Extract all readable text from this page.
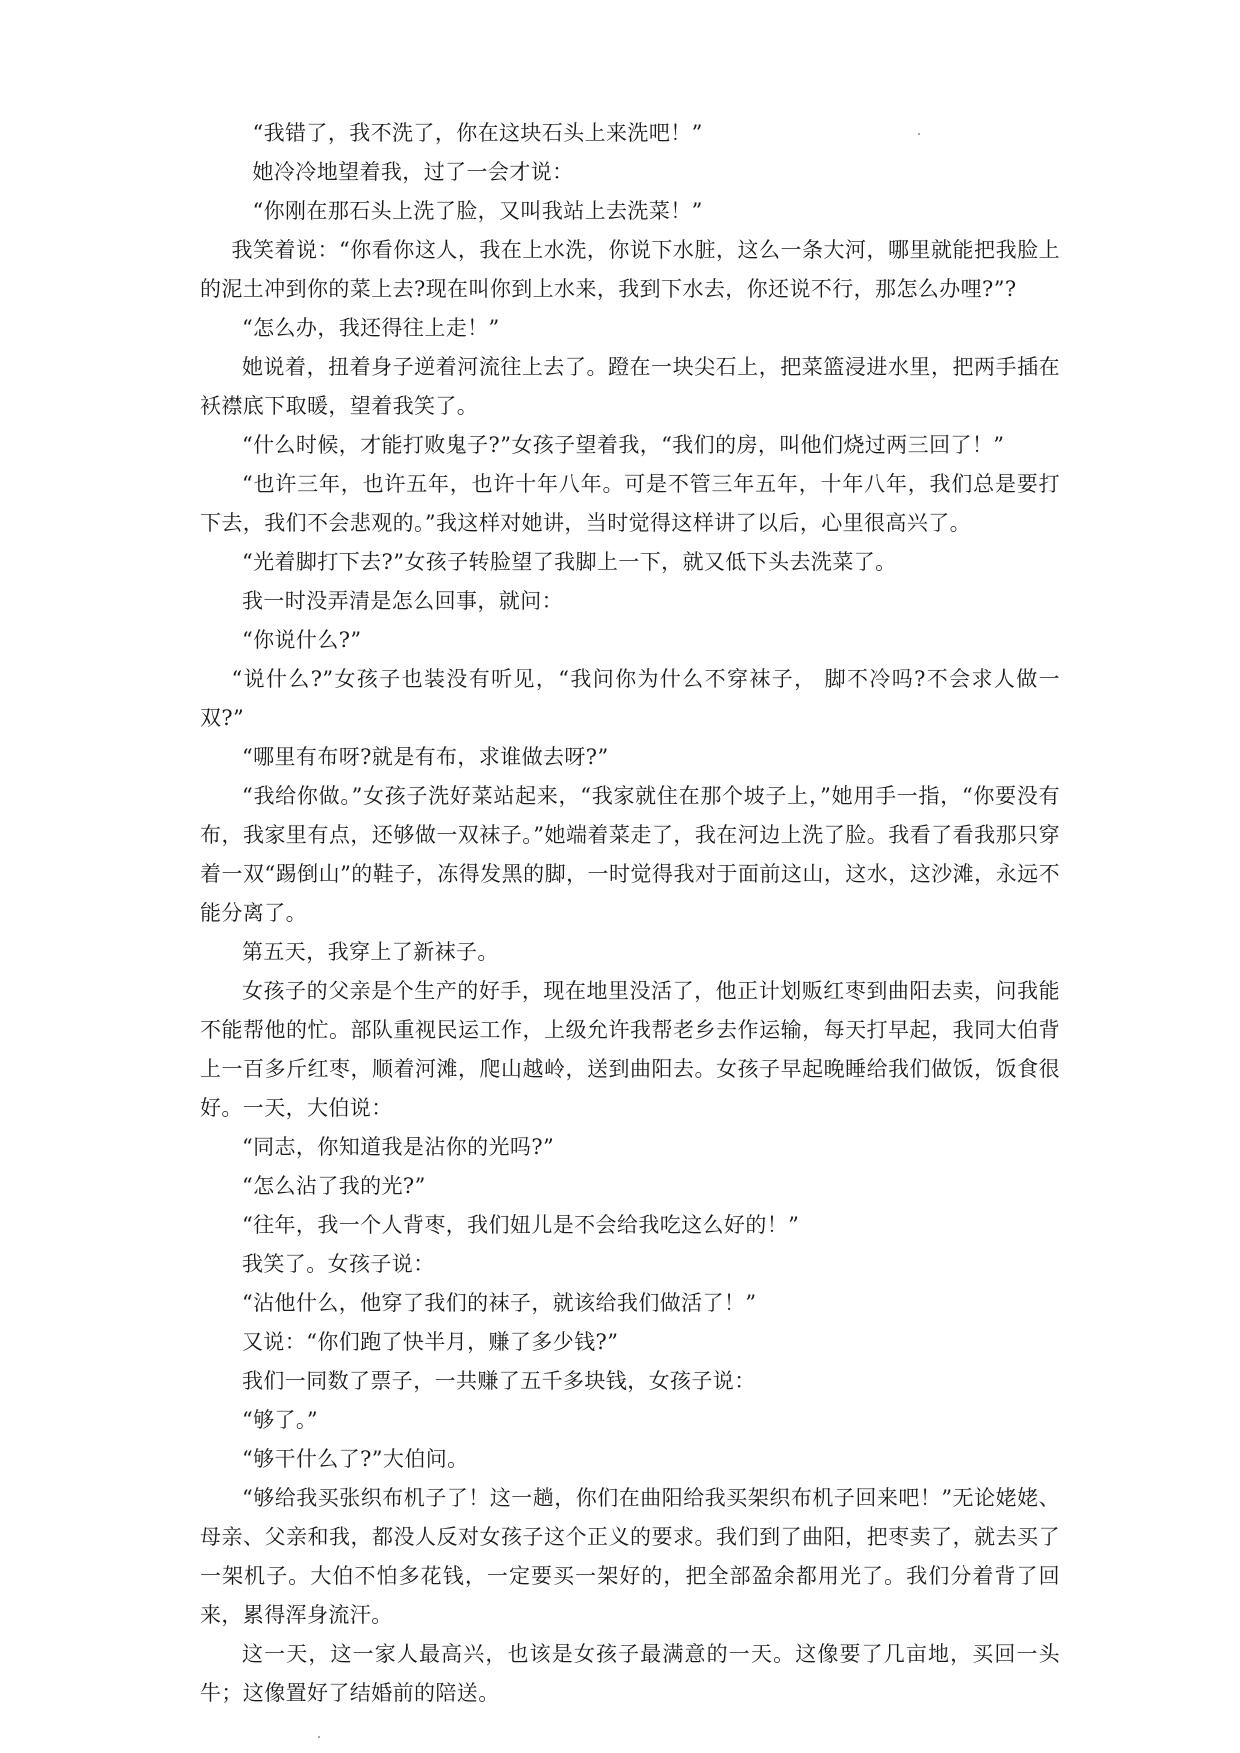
“我错了，我不洗了，你在这块石头上来洗吧！”

她冷冷地望着我，过了一会才说：

“你刚在那石头上洗了脸，又叫我站上去洗菜！”

我笑着说：“你看你这人，我在上水洗，你说下水脏，这么一条大河，哪里就能把我脸上的泥土冲到你的菜上去?现在叫你到上水来，我到下水去，你还说不行，那怎么办哩?”?

“怎么办，我还得往上走！”

她说着，扭着身子逆着河流往上去了。蹬在一块尖石上，把菜篮浸进水里，把两手插在袄襟底下取暖，望着我笑了。

“什么时候，才能打败鬼子?”女孩子望着我，“我们的房，叫他们烧过两三回了！”

“也许三年，也许五年，也许十年八年。可是不管三年五年，十年八年，我们总是要打下去，我们不会悲观的。”我这样对她讲，当时觉得这样讲了以后，心里很高兴了。

“光着脚打下去?”女孩子转脸望了我脚上一下，就又低下头去洗菜了。

我一时没弄清是怎么回事，就问：

“你说什么?”

“说什么?”女孩子也装没有听见，“我问你为什么不穿袜子， 脚不冷吗?不会求人做一双?”

“哪里有布呀?就是有布，求谁做去呀?”

“我给你做。”女孩子洗好菜站起来，“我家就住在那个坡子上，”她用手一指，“你要没有布，我家里有点，还够做一双袜子。”她端着菜走了，我在河边上洗了脸。我看了看我那只穿着一双“踢倒山”的鞋子，冻得发黑的脚，一时觉得我对于面前这山，这水，这沙滩，永远不能分离了。

第五天，我穿上了新袜子。

女孩子的父亲是个生产的好手，现在地里没活了，他正计划贩红枣到曲阳去卖，问我能不能帮他的忙。部队重视民运工作，上级允许我帮老乡去作运输，每天打早起，我同大伯背上一百多斤红枣，顺着河滩，爬山越岭，送到曲阳去。女孩子早起晚睡给我们做饭，饭食很好。一天，大伯说：

“同志，你知道我是沾你的光吗?”

“怎么沾了我的光?”

“往年，我一个人背枣，我们妞儿是不会给我吃这么好的！”

我笑了。女孩子说：

“沾他什么，他穿了我们的袜子，就该给我们做活了！”

又说：“你们跑了快半月，赚了多少钱?”

我们一同数了票子，一共赚了五千多块钱，女孩子说：

“够了。”

“够干什么了?”大伯问。

“够给我买张织布机子了！这一趟，你们在曲阳给我买架织布机子回来吧！”无论姥姥、母亲、父亲和我，都没人反对女孩子这个正义的要求。我们到了曲阳，把枣卖了，就去买了一架机子。大伯不怕多花钱，一定要买一架好的，把全部盈余都用光了。我们分着背了回来，累得浑身流汗。

这一天，这一家人最高兴，也该是女孩子最满意的一天。这像要了几亩地，买回一头牛；这像置好了结婚前的陪送。
